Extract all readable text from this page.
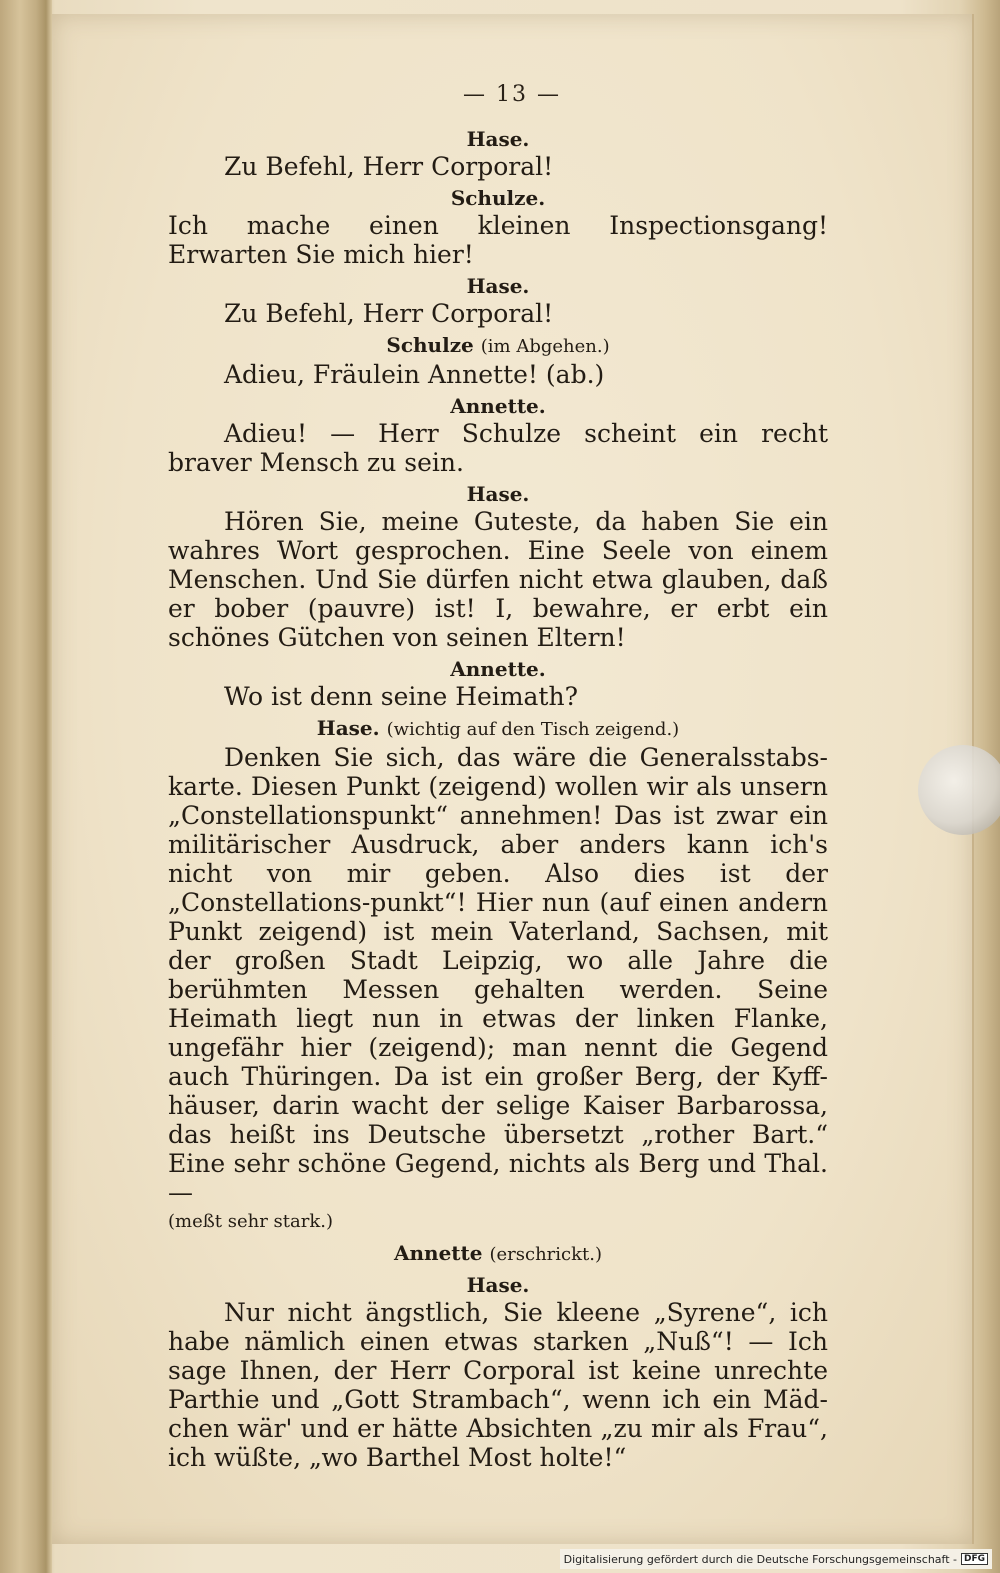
— 13 —
Hase.

Zu Befehl, Herr Corporal!

Schulze.

Ich mache einen kleinen Inspectionsgang! Erwarten Sie mich hier!

Hase.

Zu Befehl, Herr Corporal!

Schulze (im Abgehen.)

Adieu, Fräulein Annette! (ab.)

Annette.

Adieu! — Herr Schulze scheint ein recht braver Mensch zu sein.

Hase.

Hören Sie, meine Guteste, da haben Sie ein wahres Wort gesprochen. Eine Seele von einem Menschen. Und Sie dürfen nicht etwa glauben, daß er bober (pauvre) ist! I, bewahre, er erbt ein schönes Gütchen von seinen Eltern!

Annette.

Wo ist denn seine Heimath?

Hase. (wichtig auf den Tisch zeigend.)

Denken Sie sich, das wäre die Generalsstabs-karte. Diesen Punkt (zeigend) wollen wir als unsern „Constellationspunkt“ annehmen! Das ist zwar ein militärischer Ausdruck, aber anders kann ich's nicht von mir geben. Also dies ist der „Constellations-punkt“! Hier nun (auf einen andern Punkt zeigend) ist mein Vaterland, Sachsen, mit der großen Stadt Leipzig, wo alle Jahre die berühmten Messen gehalten werden. Seine Heimath liegt nun in etwas der linken Flanke, ungefähr hier (zeigend); man nennt die Gegend auch Thüringen. Da ist ein großer Berg, der Kyff-häuser, darin wacht der selige Kaiser Barbarossa, das heißt ins Deutsche übersetzt „rother Bart.“ Eine sehr schöne Gegend, nichts als Berg und Thal. —

(meßt sehr stark.)

Annette (erschrickt.)
Hase.

Nur nicht ängstlich, Sie kleene „Syrene“, ich habe nämlich einen etwas starken „Nuß“! — Ich sage Ihnen, der Herr Corporal ist keine unrechte Parthie und „Gott Strambach“, wenn ich ein Mäd-chen wär' und er hätte Absichten „zu mir als Frau“, ich wüßte, „wo Barthel Most holte!“

Digitalisierung gefördert durch die Deutsche Forschungsgemeinschaft - DFG
